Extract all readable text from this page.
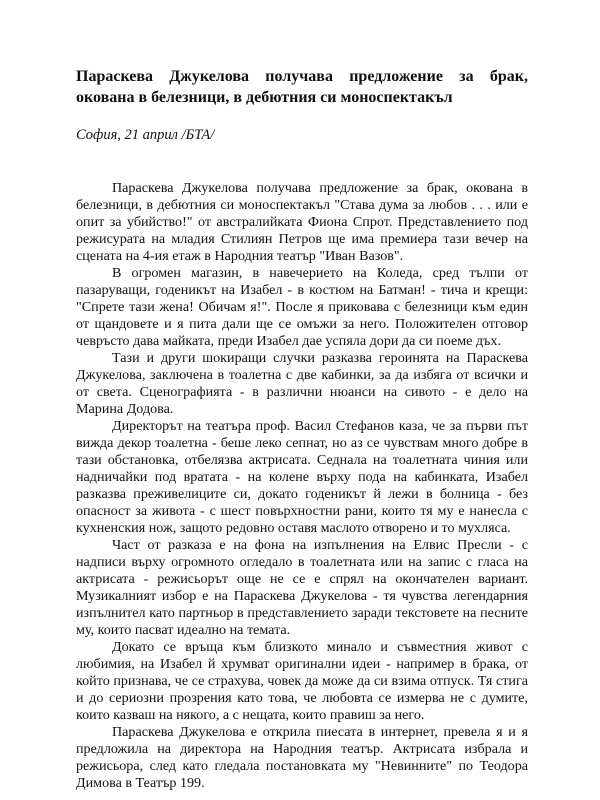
Параскева Джукелова получава предложение за брак, окована в белезници, в дебютния си моноспектакъл
София, 21 април /БТА/

Параскева Джукелова получава предложение за брак, окована в белезници, в дебютния си моноспектакъл "Става дума за любов . . . или е опит за убийство!" от австралийката Фиона Спрот. Представлението под режисурата на младия Стилиян Петров ще има премиера тази вечер на сцената на 4-ия етаж в Народния театър "Иван Вазов".

В огромен магазин, в навечерието на Коледа, сред тълпи от пазаруващи, годеникът на Изабел - в костюм на Батман! - тича и крещи: "Спрете тази жена! Обичам я!". После я приковава с белезници към един от щандовете и я пита дали ще се омъжи за него. Положителен отговор чевръсто дава майката, преди Изабел дае успяла дори да си поеме дъх.

Тази и други шокиращи случки разказва героинята на Параскева Джукелова, заключена в тоалетна с две кабинки, за да избяга от всички и от света. Сценографията - в различни нюанси на сивото - е дело на Марина Додова.

Директорът на театъра проф. Васил Стефанов каза, че за първи път вижда декор тоалетна - беше леко сепнат, но аз се чувствам много добре в тази обстановка, отбелязва актрисата. Седнала на тоалетната чиния или надничайки под вратата - на колене върху пода на кабинката, Изабел разказва преживелиците си, докато годеникът й лежи в болница - без опасност за живота - с шест повърхностни рани, които тя му е нанесла с кухненския нож, защото редовно оставя маслото отворено и то мухляса.

Част от разказа е на фона на изпълнения на Елвис Пресли - с надписи върху огромното огледало в тоалетната или на запис с гласа на актрисата - режисьорът още не се е спрял на окончателен вариант. Музикалният избор е на Параскева Джукелова - тя чувства легендарния изпълнител като партньор в представлението заради текстовете на песните му, които пасват идеално на темата.

Докато се връща към близкото минало и съвместния живот с любимия, на Изабел й хрумват оригинални идеи - например в брака, от който признава, че се страхува, човек да може да си взима отпуск. Тя стига и до сериозни прозрения като това, че любовта се измерва не с думите, които казваш на някого, а с нещата, които правиш за него.

Параскева Джукелова е открила пиесата в интернет, превела я и я предложила на директора на Народния театър. Актрисата избрала и режисьора, след като гледала постановката му "Невинните" по Теодора Димова в Театър 199.
